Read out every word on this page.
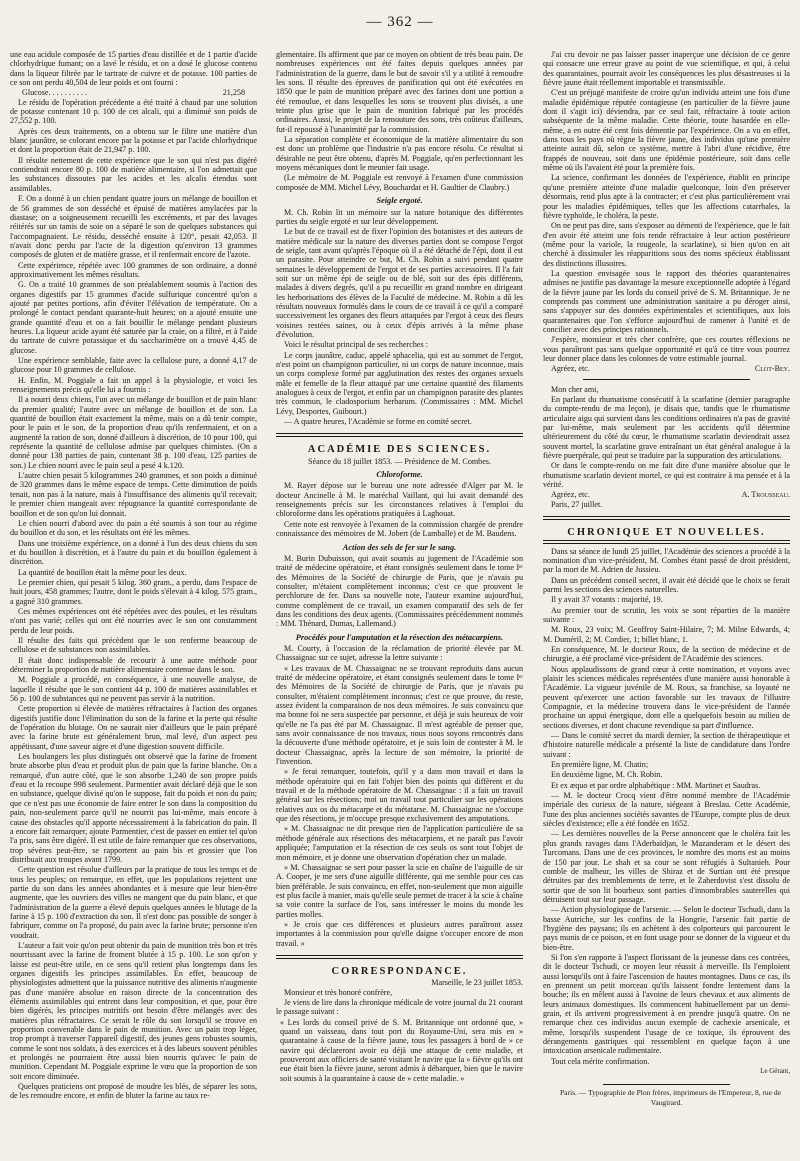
— 362 —

une eau acidule composée de 15 parties d'eau distillée et de 1 partie d'acide chlorhydrique fumant; on a lavé le résidu, et on a dosé le glucose contenu dans la liqueur filtrée par le tartrate de cuivre et de potasse. 100 parties de ce son ont perdu 40,504 de leur poids et ont fourni :

Glucose. . . . . . . . . .	21,258

Le résidu de l'opération précédente a été traité à chaud par une solution de potasse contenant 10 p. 100 de cet alcali, qui a diminué son poids de 27,552 p. 100.

Après ces deux traitements, on a obtenu sur le filtre une matière d'un blanc jaunâtre, se colorant encore par la potasse et par l'acide chlorhydrique et dont la proportion était de 21,947 p. 100.

Il résulte nettement de cette expérience que le son qui n'est pas digéré contiendrait encore 80 p. 100 de matière alimentaire, si l'on admettait que les substances dissoutes par les acides et les alcalis étendus sont assimilables.

F. On a donné à un chien pendant quatre jours un mélange de bouillon et de 56 grammes de son desséché et épuisé de matières amylacées par la diastase; on a soigneusement recueilli les excréments, et par des lavages réitérés sur un tamis de soie on a séparé le son de quelques substances qui l'accompagnaient. Le résidu, desséché ensuite à 120°, pesait 42,053. Il n'avait donc perdu par l'acte de la digestion qu'environ 13 grammes composés de gluten et de matière grasse, et il renfermait encore de l'azote.

Cette expérience, répétée avec 100 grammes de son ordinaire, a donné approximativement les mêmes résultats.

G. On a traité 10 grammes de son préalablement soumis à l'action des organes digestifs par 15 grammes d'acide sulfurique concentré qu'on a ajouté par petites portions, afin d'éviter l'élévation de température. On a prolongé le contact pendant quarante-huit heures; on a ajouté ensuite une grande quantité d'eau et on a fait bouillir le mélange pendant plusieurs heures. La liqueur acide ayant été saturée par la craie, on a filtré, et à l'aide du tartrate de cuivre potassique et du saccharimètre on a trouvé 4,45 de glucose.

Une expérience semblable, faite avec la cellulose pure, a donné 4,17 de glucose pour 10 grammes de cellulose.

H. Enfin, M. Poggiale a fait un appel à la physiologie, et voici les renseignements précis qu'elle lui a fournis :

Il a nourri deux chiens, l'un avec un mélange de bouillon et de pain blanc du premier qualité; l'autre avec un mélange de bouillon et de son. La quantité de bouillon était exactement la même, mais on a dû tenir compte, pour le pain et le son, de la proportion d'eau qu'ils renfermaient, et on a augmenté la ration de son, donné d'ailleurs à discrétion, de 10 pour 100, qui représente la quantité de cellulose admise par quelques chimistes. (On a donné pour 138 parties de pain, contenant 38 p. 100 d'eau, 125 parties de son.) Le chien nourri avec le pain seul a pesé 4 k.120.

L'autre chien pesait 5 kilogrammes 240 grammes, et son poids a diminué de 320 grammes dans le même espace de temps. Cette diminution de poids tenait, non pas à la nature, mais à l'insuffisance des aliments qu'il recevait; le premier chien mangeait avec répugnance la quantité correspondante de bouillon et de son qu'on lui donnait.

Le chien nourri d'abord avec du pain a été soumis à son tour au régime du bouillon et du son, et les résultats ont été les mêmes.

Dans une troisième expérience, on a donné à l'un des deux chiens du son et du bouillon à discrétion, et à l'autre du pain et du bouillon également à discrétion.

La quantité de bouillon était la même pour les deux.

Le premier chien, qui pesait 5 kilog. 360 gram., a perdu, dans l'espace de huit jours, 458 grammes; l'autre, dont le poids s'élevait à 4 kilog. 575 gram., a gagné 310 grammes.

Ces mêmes expériences ont été répétées avec des poules, et les résultats n'ont pas varié; celles qui ont été nourries avec le son ont constamment perdu de leur poids.

Il résulte des faits qui précèdent que le son renferme beaucoup de cellulose et de substances non assimilables.

Il était donc indispensable de recourir à une autre méthode pour déterminer la proportion de matière alimentaire contenue dans le son.

M. Poggiale a procédé, en conséquence, à une nouvelle analyse, de laquelle il résulte que le son contient 44 p. 100 de matières assimilables et 56 p. 100 de substances qui ne peuvent pas servir à la nutrition.

Cette proportion si élevée de matières réfractaires à l'action des organes digestifs justifie donc l'élimination du son de la farine et la perte qui résulte de l'opération du blutage. On ne saurait nier d'ailleurs que le pain préparé avec la farine brute est généralement brun, mal levé, d'un aspect peu appétissant, d'une saveur aigre et d'une digestion souvent difficile.

Les boulangers les plus distingués ont observé que la farine de froment brute absorbe plus d'eau et produit plus de pain que la farine blanche. On a remarqué, d'un autre côté, que le son absorbe 1,240 de son propre poids d'eau et la recoupe 998 seulement. Parmentier avait déclaré déjà que le son en substance, quelque divisé qu'on le suppose, fait du poids et non du pain; que ce n'est pas une économie de faire entrer le son dans la composition du pain, non-seulement parce qu'il ne nourrit pas lui-même, mais encore à cause des obstacles qu'il apporte nécessairement à la fabrication du pain. Il a encore fait remarquer, ajoute Parmentier, c'est de passer en entier tel qu'on l'a pris, sans être digéré. Il est utile de faire remarquer que ces observations, trop sévères peut-être, se rapportent au pain bis et grossier que l'on distribuait aux troupes avant 1799.

Cette question est résolue d'ailleurs par la pratique de tous les temps et de tous les peuples; on remarque, en effet, que les populations rejettent une partie du son dans les années abondantes et à mesure que leur bien-être augmente, que les ouvriers des villes ne mangent que du pain blanc, et que l'administration de la guerre a élevé depuis quelques années le blutage de la farine à 15 p. 100 d'extraction du son. Il n'est donc pas possible de songer à fabriquer, comme on l'a proposé, du pain avec la farine brute; personne n'en voudrait.

L'auteur a fait voir qu'on peut obtenir du pain de munition très bon et très nourrissant avec la farine de froment blutée à 15 p. 100. Le son qu'on y laisse est peut-être utile, en ce sens qu'il retient plus longtemps dans les organes digestifs les principes assimilables. En effet, beaucoup de physiologistes admettent que la puissance nutritive des aliments n'augmente pas d'une manière absolue en raison directe de la concentration des éléments assimilables qui entrent dans leur composition, et que, pour être bien digérés, les principes nutritifs ont besoin d'être mélangés avec des matières plus réfractaires. Ce serait le rôle du son lorsqu'il se trouve en proportion convenable dans le pain de munition. Avec un pain trop léger, trop prompt à traverser l'appareil digestif, des jeunes gens robustes soumis, comme le sont nos soldats, à des exercices et à des labeurs souvent pénibles et prolongés ne pourraient être aussi bien nourris qu'avec le pain de munition. Cependant M. Poggiale exprime le vœu que la proportion de son soit encore diminuée.

Quelques praticiens ont proposé de moudre les blés, de séparer les sons, de les remoudre encore, et enfin de bluter la farine au taux re-

glementaire. Ils affirment que par ce moyen on obtient de très beau pain. De nombreuses expériences ont été faites depuis quelques années par l'administration de la guerre, dans le but de savoir s'il y a utilité à remoudre les sons. Il résulte des épreuves de panification qui ont été exécutées en 1850 que le pain de munition préparé avec des farines dont une portion a été remoulue, et dans lesquelles les sons se trouvent plus divisés, a une teinte plus grise que le pain de munition fabriqué par les procédés ordinaires. Aussi, le projet de la remouture des sons, très coûteux d'ailleurs, fut-il repoussé à l'unanimité par la commission.

La séparation complète et économique de la matière alimentaire du son est donc un problème que l'industrie n'a pas encore résolu. Ce résultat si désirable ne peut être obtenu, d'après M. Poggiale, qu'en perfectionnant les moyens mécaniques dont le meunier fait usage.

(Le mémoire de M. Poggiale est renvoyé à l'examen d'une commission composée de MM. Michel Lévy, Bouchardat et H. Gaultier de Claubry.)

Seigle ergoté.

M. Ch. Robin lit un mémoire sur la nature botanique des différentes parties du seigle ergoté et sur leur développement.

Le but de ce travail est de fixer l'opinion des botanistes et des auteurs de matière médicale sur la nature des diverses parties dont se compose l'ergot de seigle, tant avant qu'après l'époque où il a été détaché de l'épi, dont il est un parasite. Pour atteindre ce but, M. Ch. Robin a suivi pendant quatre semaines le développement de l'ergot et de ses parties accessoires. Il l'a fait soit sur un même épi de seigle ou de blé, soit sur des épis différents, malades à divers degrés, qu'il a pu recueillir en grand nombre en dirigeant les herborisations des élèves de la Faculté de médecine. M. Robin a dû les résultats nouveaux formulés dans le cours de ce travail à ce qu'il a comparé successivement les organes des fleurs attaquées par l'ergot à ceux des fleurs voisines restées saines, ou à ceux d'épis arrivés à la même phase d'évolution.

Voici le résultat principal de ses recherches :

Le corps jaunâtre, caduc, appelé sphacelia, qui est au sommet de l'ergot, n'est point un champignon particulier, ni un corps de nature inconnue, mais un corps complexe formé par agglutination des restes des organes sexuels mâle et femelle de la fleur attaqué par une certaine quantité des filaments analogues à ceux de l'ergot, et enfin par un champignon parasite des plantes très commun, le cladosporium herbarum. (Commissaires : MM. Michel Lévy, Desportes, Guibourt.)

— A quatre heures, l'Académie se forme en comité secret.

ACADÉMIE DES SCIENCES.
Séance du 18 juillet 1853. — Présidence de M. Combes.
Chloroforme.

M. Rayer dépose sur le bureau une note adressée d'Alger par M. le docteur Ancinelle à M. le maréchal Vaillant, qui lui avait demandé des renseignements précis sur les circonstances relatives à l'emploi du chloroforme dans les opérations pratiquées à Laghouat.

Cette note est renvoyée à l'examen de la commission chargée de prendre connaissance des mémoires de M. Jobert (de Lamballe) et de M. Baudens.

Action des sels de fer sur le sang.

M. Burin Dubuisson, qui avait soumis au jugement de l'Académie son traité de médecine opératoire, et étant consignés seulement dans le tome Iᵉʳ des Mémoires de la Société de chirurgie de Paris, que je n'avais pu consulter, m'étaient complètement inconnus; c'est ce que prouvent le perchlorure de fer. Dans sa nouvelle note, l'auteur examine aujourd'hui, comme complément de ce travail, un examen comparatif des sels de fer dans les conditions des deux agents. (Commissaires précédemment nommés : MM. Thénard, Dumas, Lallemand.)

Procédés pour l'amputation et la résection des métacarpiens.

M. Courty, à l'occasion de la réclamation de priorité élevée par M. Chassaignac sur ce sujet, adresse la lettre suivante :

« Les travaux de M. Chassaignac ne se trouvant reproduits dans aucun traité de médecine opératoire, et étant consignés seulement dans le tome Iᵉʳ des Mémoires de la Société de chirurgie de Paris, que je n'avais pu consulter, m'étaient complètement inconnus; c'est ce que prouve, du reste, assez évident la comparaison de nos deux mémoires. Je suis convaincu que ma bonne foi ne sera suspectée par personne, et déjà je suis heureux de voir qu'elle ne l'a pas été par M. Chassaignac. Il m'est agréable de penser que, sans avoir connaissance de nos travaux, nous nous soyons rencontrés dans la découverte d'une méthode opératoire, et je suis loin de contester à M. le docteur Chassaignac, après la lecture de son mémoire, la priorité de l'invention.

» Je ferai remarquer, toutefois, qu'il y a dans mon travail et dans la méthode opératoire qui en fait l'objet bien des points qui diffèrent et du travail et de la méthode opératoire de M. Chassaignac : il a fait un travail général sur les résections; moi un travail tout particulier sur les opérations relatives aux os du métacarpe et du métatarse. M. Chassaignac ne s'occupe que des résections, je m'occupe presque exclusivement des amputations.

» M. Chassaignac ne dit presque rien de l'application particulière de sa méthode générale aux résections des métacarpiens, et ne paraît pas l'avoir appliquée; l'amputation et la résection de ces seuls os sont tout l'objet de mon mémoire, et je donne une observation d'opération chez un malade.

» M. Chassaignac se sert pour passer la scie en chaîne de l'aiguille de sir A. Cooper, je me sers d'une aiguille différente, qui me semble pour ces cas bien préférable. Je suis convaincu, en effet, non-seulement que mon aiguille est plus facile à manier, mais qu'elle seule permet de tracer à la scie à chaîne sa voie contre la surface de l'os, sans intéresser le moins du monde les parties molles.

» Je crois que ces différences et plusieurs autres paraîtront assez importantes à la commission pour qu'elle daigne s'occuper encore de mon travail. »

CORRESPONDANCE.
Marseille, le 23 juillet 1853.

Monsieur et très honoré confrère,

Je viens de lire dans la chronique médicale de votre journal du 21 courant le passage suivant :

« Les lords du conseil privé de S. M. Britannique ont ordonné que, » quand un vaisseau, dans tout port du Royaume-Uni, sera mis en » quarantaine à cause de la fièvre jaune, tous les passagers à bord de » ce navire qui déclareront avoir eu déjà une attaque de cette maladie, et prouveront aux officiers de santé visitant le navire que la » fièvre qu'ils ont eue était bien la fièvre jaune, seront admis à débarquer, bien que le navire soit soumis à la quarantaine à cause de » cette maladie. »

J'ai cru devoir ne pas laisser passer inaperçue une décision de ce genre qui consacre une erreur grave au point de vue scientifique, et qui, à celui des quarantaines, pourrait avoir les conséquences les plus désastreuses si la fièvre jaune était réellement importable et transmissible.

C'est un préjugé manifeste de croire qu'un individu atteint une fois d'une maladie épidémique réputée contagieuse (en particulier de la fièvre jaune dont il s'agit ici) déviendra, par ce seul fait, réfractaire à toute action subséquente de la même maladie. Cette théorie, toute hasardée en elle-même, a en outre été cent fois démentie par l'expérience. On a vu en effet, dans tous les pays où règne la fièvre jaune, des individus qu'une première atteinte aurait dû, selon ce système, mettre à l'abri d'une récidive, être frappés de nouveau, soit dans une épidémie postérieure, soit dans celle même où ils l'avaient été pour la première fois.

La science, confirmant les données de l'expérience, établit en principe qu'une première atteinte d'une maladie quelconque, loin d'en préserver désormais, rend plus apte à la contracter; et c'est plus particulièrement vrai pour les maladies épidémiques, telles que les affections catarrhales, la fièvre typhoïde, le choléra, la peste.

On ne peut pas dire, sans s'exposer au démenti de l'expérience, que le fait d'en avoir été atteint une fois rende réfractaire à leur action postérieure (même pour la variole, la rougeole, la scarlatine), si bien qu'on en ait cherché à dissimuler les réapparitions sous des noms spécieux établissant des distinctions illusoires.

La question envisagée sous le rapport des théories quarantenaires admises ne justifie pas davantage la mesure exceptionnelle adoptée à l'égard de la fièvre jaune par les lords du conseil privé de S. M. Britannique. Je ne comprends pas comment une administration sanitaire a pu déroger ainsi, sans s'appuyer sur des données expérimentales et scientifiques, aux lois quarantenaires que l'on s'efforce aujourd'hui de ramener à l'unité et de concilier avec des principes rationnels.

J'espère, monsieur et très cher confrère, que ces courtes réflexions ne vous paraîtront pas sans quelque opportunité et qu'à ce titre vous pourrez leur donner place dans les colonnes de votre estimable journal.

Agréez, etc.	Clot-Bey.

Mon cher ami,

En parlant du rhumatisme consécutif à la scarlatine (dernier paragraphe du compte-rendu de ma leçon), je disais que, tandis que le rhumatisme articulaire aigu qui survient dans les conditions ordinaires n'a pas de gravité par lui-même, mais seulement par les accidents qu'il détermine ultérieurement du côté du cœur, le rhumatisme scarlatin deviendrait assez souvent mortel, la scarlatine grave entraînant un état général analogue à la fièvre puerpérale, qui peut se traduire par la suppuration des articulations.

Or dans le compte-rendu on me fait dire d'une manière absolue que le rhumatisme scarlatin devient mortel, ce qui est contraire à ma pensée et à la vérité.

Agréez, etc.	A. Trousseau.

Paris, 27 juillet.

CHRONIQUE ET NOUVELLES.

Dans sa séance de lundi 25 juillet, l'Académie des sciences a procédé à la nomination d'un vice-président, M. Combes étant passé de droit président, par la mort de M. Adrien de Jussieu.

Dans un précédent conseil secret, il avait été décidé que le choix se ferait parmi les sections des sciences naturelles.

Il y avait 37 votants : majorité, 19.

Au premier tour de scrutin, les voix se sont réparties de la manière suivante :

M. Roux, 23 voix; M. Geoffroy Saint-Hilaire, 7; M. Milne Edwards, 4; M. Duméril, 2; M. Cordier, 1; billet blanc, 1.

En conséquence, M. le docteur Roux, de la section de médecine et de chirurgie, a été proclamé vice-président de l'Académie des sciences.

Nous applaudissons de grand cœur à cette nomination, et voyons avec plaisir les sciences médicales représentées d'une manière aussi honorable à l'Académie. La vigueur juvénile de M. Roux, sa franchise, sa loyauté ne peuvent qu'exercer une action favorable sur les travaux de l'illustre Compagnie, et la médecine trouvera dans le vice-président de l'année prochaine un appui énergique, dont elle a quelquefois besoin au milieu de sections diverses, et dont chacune revendique sa part d'influence.

— Dans le comité secret du mardi dernier, la section de thérapeutique et d'histoire naturelle médicale a présenté la liste de candidature dans l'ordre suivant :

En première ligne, M. Chatin;

En deuxième ligne, M. Ch. Robin.

Et ex æquo et par ordre alphabétique : MM. Martinet et Saudras.

— M. le docteur Crocq vient d'être nommé membre de l'Académie impériale des curieux de la nature, siégeant à Breslau. Cette Académie, l'une des plus anciennes sociétés savantes de l'Europe, compte plus de deux siècles d'existence; elle a été fondée en 1652.

— Les dernières nouvelles de la Perse annoncent que le choléra fait les plus grands ravages dans l'Aderbaïdjan, le Mazanderam et le désert des Turcomans. Dans une de ces provinces, le nombre des morts est au moins de 150 par jour. Le shah et sa cour se sont réfugiés à Sultanieh. Pour comble de malheur, les villes de Shiraz et de Surtian ont été presque détruites par des tremblements de terre, et le Zaherdovist s'est dissolu de sortir que de son lit bourbeux sont parties d'innombrables sauterelles qui détruisent tout sur leur passage.

— Action physiologique de l'arsenic. — Selon le docteur Tschudi, dans la basse Autriche, sur les confins de la Hongrie, l'arsenic fait partie de l'hygiène des paysans; ils en achètent à des colporteurs qui parcourent le pays munis de ce poison, et en font usage pour se donner de la vigueur et du bien-être.

Si l'on s'en rapporte à l'aspect florissant de la jeunesse dans ces contrées, dit le docteur Tschudi, ce moyen leur réussit à merveille. Ils l'emploient aussi lorsqu'ils ont à faire l'ascension de hautes montagnes. Dans ce cas, ils en prennent un petit morceau qu'ils laissent fondre lentement dans la bouche; ils en mêlent aussi à l'avoine de leurs chevaux et aux aliments de leurs animaux domestiques. Ils commencent habituellement par un demi-grain, et ils arrivent progressivement à en prendre jusqu'à quatre. On ne remarque chez ces individus aucun exemple de cachexie arsenicale, et même, lorsqu'ils suspendent l'usage de ce toxique, ils éprouvent des dérangements gastriques qui ressemblent en quelque façon à une intoxication arsenicale rudimentaire.

Tout cela mérite confirmation.

Le Gérant,

Paris. — Typographie de Plon frères, imprimeurs de l'Empereur, 8, rue de Vaugirard.
